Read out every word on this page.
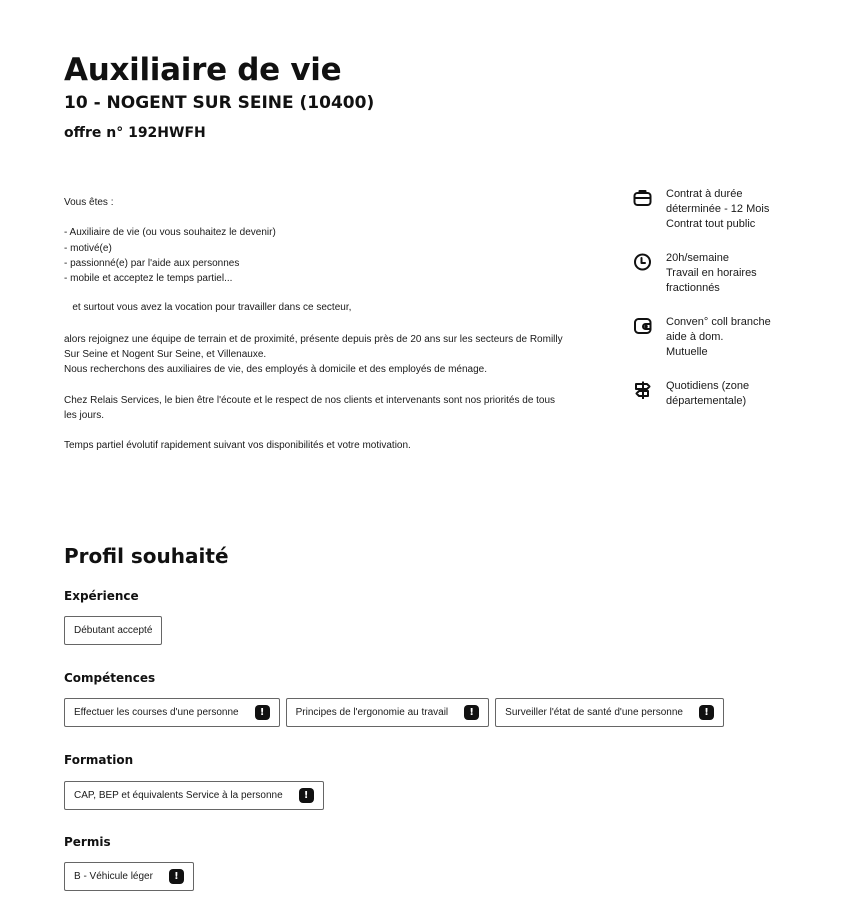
Auxiliaire de vie
10 - NOGENT SUR SEINE (10400)
offre n° 192HWFH

Vous êtes :

- Auxiliaire de vie (ou vous souhaitez le devenir)
- motivé(e)
- passionné(e) par l'aide aux personnes
- mobile et acceptez le temps partiel...

et surtout vous avez la vocation pour travailler dans ce secteur,

alors rejoignez une équipe de terrain et de proximité, présente depuis près de 20 ans sur les secteurs de Romilly Sur Seine et Nogent Sur Seine, et Villenauxe.
Nous recherchons des auxiliaires de vie, des employés à domicile et des employés de ménage.

Chez Relais Services, le bien être l'écoute et le respect de nos clients et intervenants sont nos priorités de tous les jours.

Temps partiel évolutif rapidement suivant vos disponibilités et votre motivation.

Contrat à durée
déterminée - 12 Mois
Contrat tout public
20h/semaine
Travail en horaires
fractionnés
Conven° coll branche
aide à dom.
Mutuelle
Quotidiens (zone
départementale)
Profil souhaité
Expérience
Débutant accepté
Compétences
Effectuer les courses d'une personne	!	Principes de l'ergonomie au travail	!	Surveiller l'état de santé d'une personne	!
Formation
CAP, BEP et équivalents Service à la personne	!
Permis
B - Véhicule léger	!
